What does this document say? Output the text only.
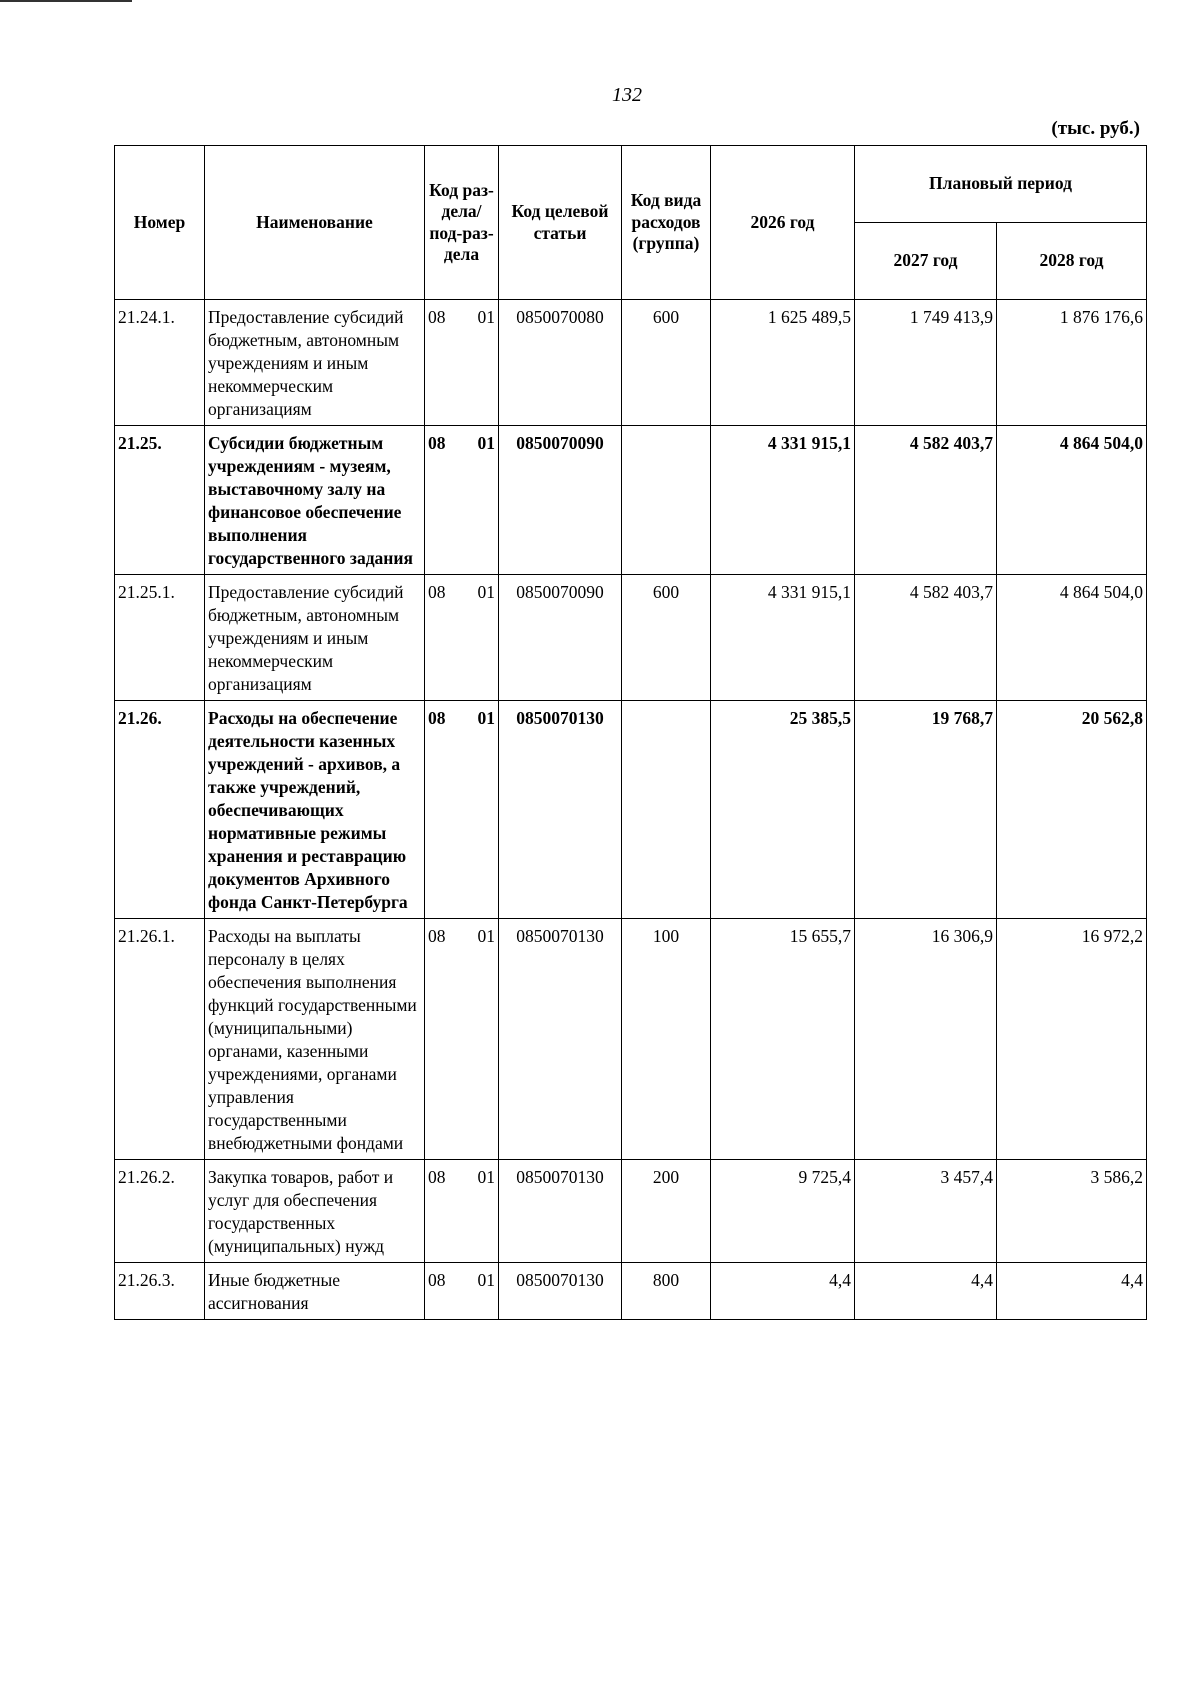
132
(тыс. руб.)
Номер	Наименование	Код раз-дела/ под-раз-дела	Код целевой статьи	Код вида расходов (группа)	2026 год	Плановый период	
						2027 год	2028 год
21.24.1.	Предоставление субсидий бюджетным, автономным учреждениям и иным некоммерческим организациям	08 01	0850070080	600	1 625 489,5	1 749 413,9	1 876 176,6
21.25.	Субсидии бюджетным учреждениям - музеям, выставочному залу на финансовое обеспечение выполнения государственного задания	08 01	0850070090		4 331 915,1	4 582 403,7	4 864 504,0
21.25.1.	Предоставление субсидий бюджетным, автономным учреждениям и иным некоммерческим организациям	08 01	0850070090	600	4 331 915,1	4 582 403,7	4 864 504,0
21.26.	Расходы на обеспечение деятельности казенных учреждений - архивов, а также учреждений, обеспечивающих нормативные режимы хранения и реставрацию документов Архивного фонда Санкт-Петербурга	08 01	0850070130		25 385,5	19 768,7	20 562,8
21.26.1.	Расходы на выплаты персоналу в целях обеспечения выполнения функций государственными (муниципальными) органами, казенными учреждениями, органами управления государственными внебюджетными фондами	08 01	0850070130	100	15 655,7	16 306,9	16 972,2
21.26.2.	Закупка товаров, работ и услуг для обеспечения государственных (муниципальных) нужд	08 01	0850070130	200	9 725,4	3 457,4	3 586,2
21.26.3.	Иные бюджетные ассигнования	08 01	0850070130	800	4,4	4,4	4,4
